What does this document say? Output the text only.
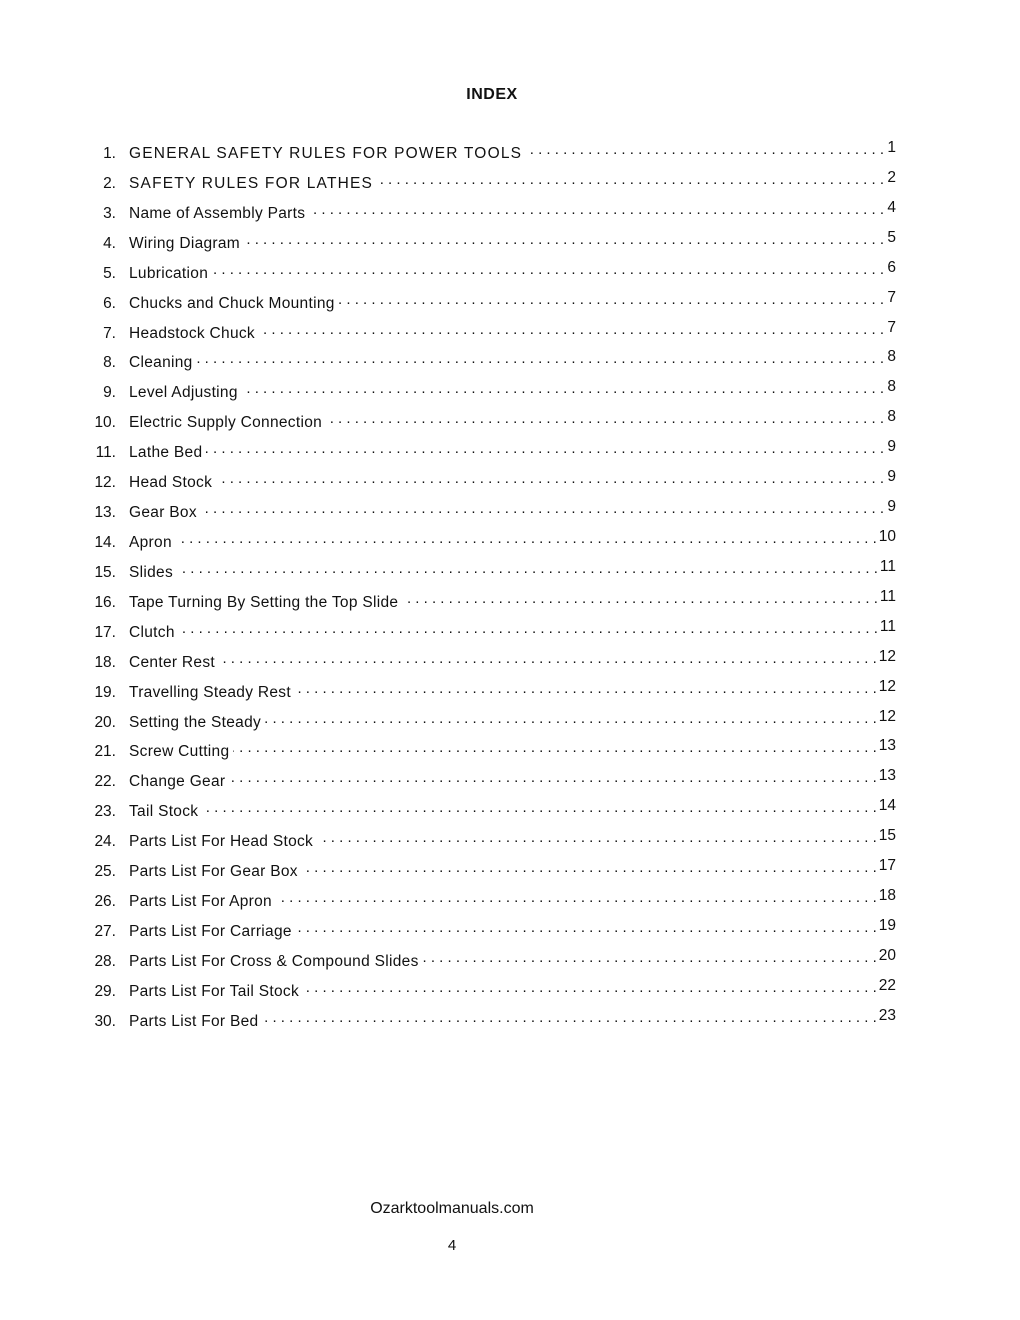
INDEX
1. GENERAL SAFETY RULES FOR POWER TOOLS . . .	1
2. SAFETY RULES FOR LATHES . . .	2
3. Name of Assembly Parts . . .	4
4. Wiring Diagram . . .	5
5. Lubrication . . .	6
6. Chucks and Chuck Mounting . . .	7
7. Headstock Chuck . . .	7
8. Cleaning . . .	8
9. Level Adjusting . . .	8
10. Electric Supply Connection . . .	8
11. Lathe Bed . . .	9
12. Head Stock . . .	9
13. Gear Box . . .	9
14. Apron . . .	10
15. Slides . . .	11
16. Tape Turning By Setting the Top Slide . . .	11
17. Clutch . . .	11
18. Center Rest . . .	12
19. Travelling Steady Rest . . .	12
20. Setting the Steady . . .	12
21. Screw Cutting . . .	13
22. Change Gear . . .	13
23. Tail Stock . . .	14
24. Parts List For Head Stock . . .	15
25. Parts List For Gear Box . . .	17
26. Parts List For Apron . . .	18
27. Parts List For Carriage . . .	19
28. Parts List For Cross & Compound Slides . . .	20
29. Parts List For Tail Stock . . .	22
30. Parts List For Bed . . .	23
Ozarktoolmanuals.com
4
